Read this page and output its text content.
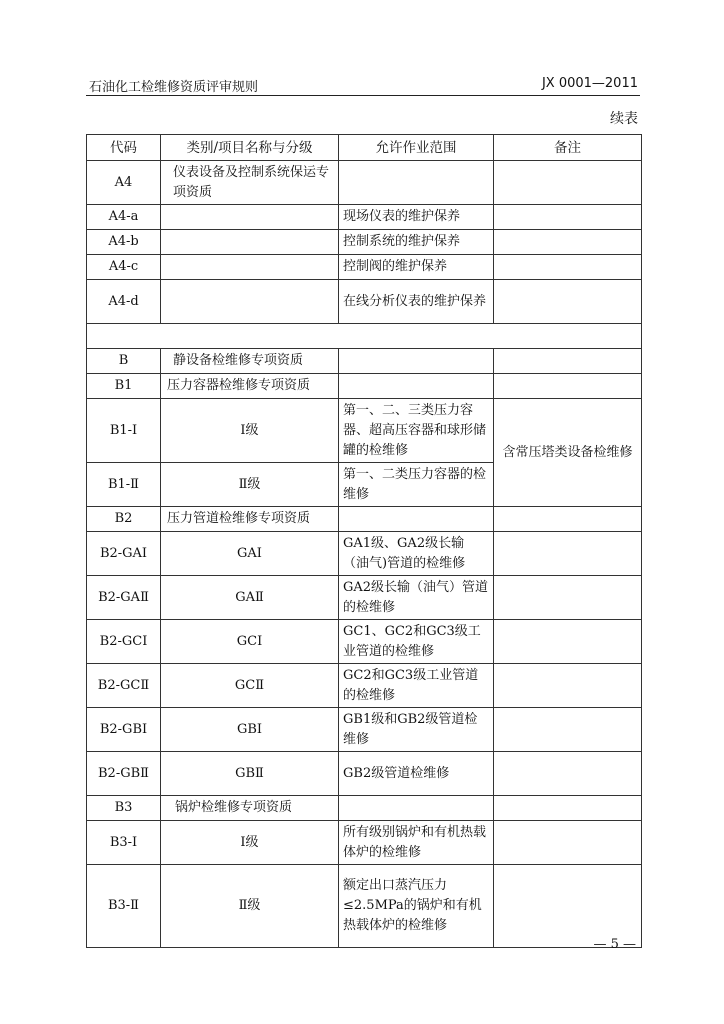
石油化工检维修资质评审规则	JX 0001—2011
续表
代码	类别/项目名称与分级	允许作业范围	备注
A4	仪表设备及控制系统保运专项资质		
A4-a		现场仪表的维护保养	
A4-b		控制系统的维护保养	
A4-c		控制阀的维护保养	
A4-d		在线分析仪表的维护保养	

B	静设备检维修专项资质		
B1	压力容器检维修专项资质		
B1-Ⅰ	Ⅰ级	第一、二、三类压力容器、超高压容器和球形储罐的检维修	含常压塔类设备检维修
B1-Ⅱ	Ⅱ级	第一、二类压力容器的检维修	
B2	压力管道检维修专项资质		
B2-GAⅠ	GAⅠ	GA1级、GA2级长输（油气)管道的检维修	
B2-GAⅡ	GAⅡ	GA2级长输（油气）管道的检维修	
B2-GCⅠ	GCⅠ	GC1、GC2和GC3级工业管道的检维修	
B2-GCⅡ	GCⅡ	GC2和GC3级工业管道的检维修	
B2-GBⅠ	GBⅠ	GB1级和GB2级管道检维修	
B2-GBⅡ	GBⅡ	GB2级管道检维修	
B3	锅炉检维修专项资质		
B3-Ⅰ	Ⅰ级	所有级别锅炉和有机热载体炉的检维修	
B3-Ⅱ	Ⅱ级	额定出口蒸汽压力≤2.5MPa的锅炉和有机热载体炉的检维修	
— 5 —
